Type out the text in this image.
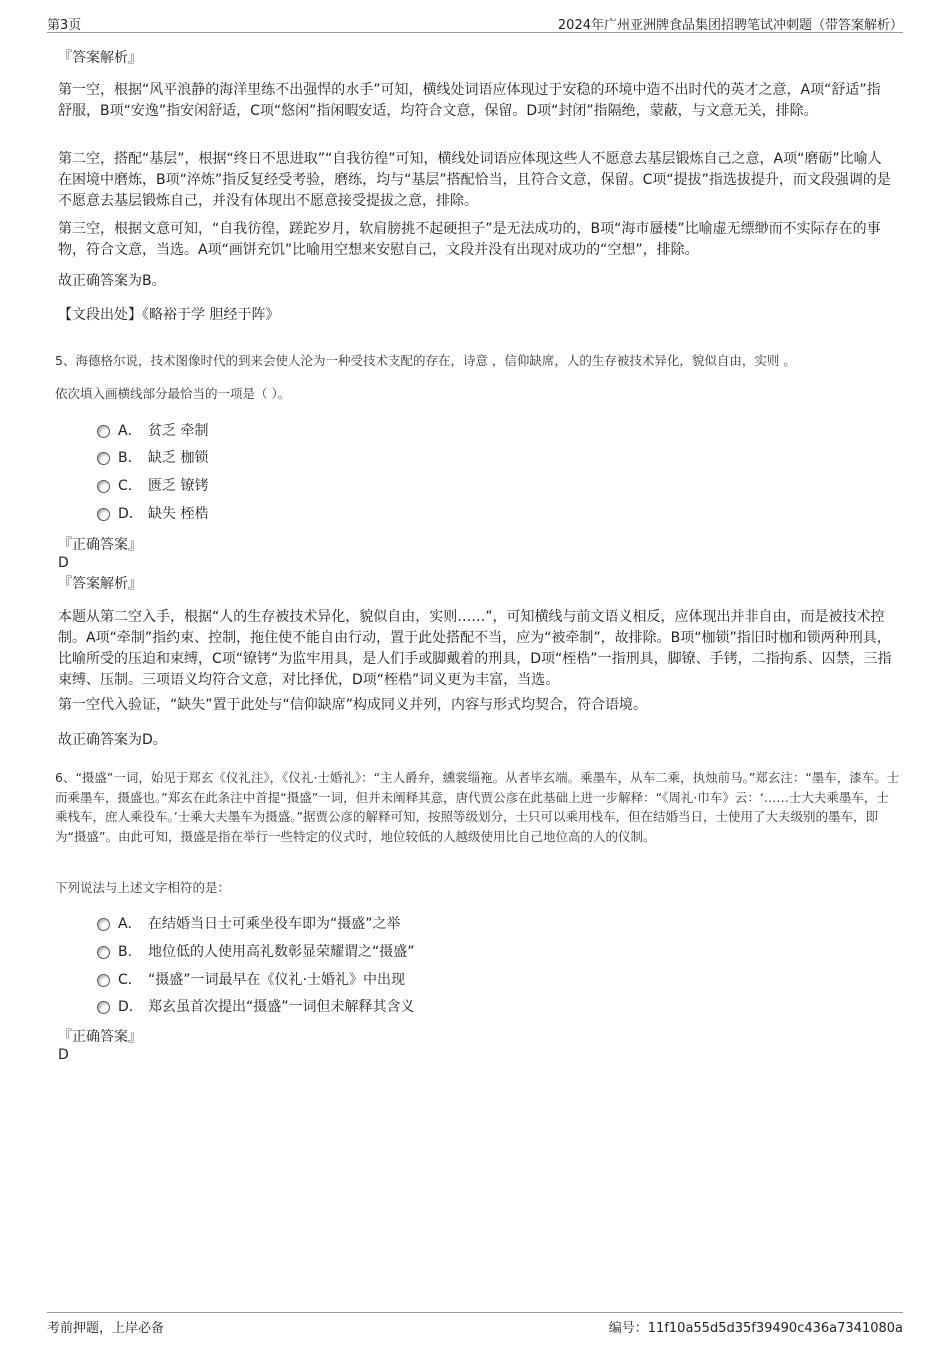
第3页	2024年广州亚洲牌食品集团招聘笔试冲刺题（带答案解析）
『答案解析』
第一空，根据“风平浪静的海洋里练不出强悍的水手”可知，横线处词语应体现过于安稳的环境中造不出时代的英才之意，A项“舒适”指舒服，B项“安逸”指安闲舒适，C项“悠闲”指闲暇安适，均符合文意，保留。D项“封闭”指隔绝，蒙蔽，与文意无关，排除。
第二空，搭配“基层”，根据“终日不思进取”“自我彷徨”可知，横线处词语应体现这些人不愿意去基层锻炼自己之意，A项“磨砺”比喻人在困境中磨炼，B项“淬炼”指反复经受考验，磨练，均与“基层”搭配恰当，且符合文意，保留。C项“提拔”指选拔提升，而文段强调的是不愿意去基层锻炼自己，并没有体现出不愿意接受提拔之意，排除。
第三空，根据文意可知，“自我彷徨，蹉跎岁月，软肩膀挑不起硬担子”是无法成功的，B项“海市蜃楼”比喻虚无缥缈而不实际存在的事物，符合文意，当选。A项“画饼充饥”比喻用空想来安慰自己，文段并没有出现对成功的“空想”，排除。
故正确答案为B。
【文段出处】《略裕于学 胆经于阵》
5、海德格尔说，技术图像时代的到来会使人沦为一种受技术支配的存在，诗意 ，信仰缺席，人的生存被技术异化，貌似自由，实则 。
依次填入画横线部分最恰当的一项是（ ）。
A． 贫乏 牵制
B． 缺乏 枷锁
C． 匮乏 镣铐
D． 缺失 桎梏
『正确答案』
D
『答案解析』
本题从第二空入手，根据“人的生存被技术异化，貌似自由，实则……”，可知横线与前文语义相反，应体现出并非自由，而是被技术控制。A项“牵制”指约束、控制，拖住使不能自由行动，置于此处搭配不当，应为“被牵制”，故排除。B项“枷锁”指旧时枷和锁两种刑具，比喻所受的压迫和束缚，C项“镣铐”为监牢用具，是人们手或脚戴着的刑具，D项“桎梏”一指刑具，脚镣、手铐，二指拘系、囚禁，三指束缚、压制。三项语义均符合文意，对比择优，D项“桎梏”词义更为丰富，当选。
第一空代入验证，“缺失”置于此处与“信仰缺席”构成同义并列，内容与形式均契合，符合语境。
故正确答案为D。
6、“摄盛”一词，始见于郑玄《仪礼注》，《仪礼·士婚礼》：“主人爵弁，纁裳缁袘。从者毕玄端。乘墨车，从车二乘，执烛前马。”郑玄注：“墨车，漆车。士而乘墨车，摄盛也。”郑玄在此条注中首提“摄盛”一词，但并未阐释其意，唐代贾公彦在此基础上进一步解释：“《周礼·巾车》云：‘……士大夫乘墨车，士乘栈车，庶人乘役车。’士乘大夫墨车为摄盛。”据贾公彦的解释可知，按照等级划分，士只可以乘用栈车，但在结婚当日，士使用了大夫级别的墨车，即为“摄盛”。由此可知，摄盛是指在举行一些特定的仪式时，地位较低的人越级使用比自己地位高的人的仪制。
下列说法与上述文字相符的是：
A． 在结婚当日士可乘坐役车即为“摄盛”之举
B． 地位低的人使用高礼数彰显荣耀谓之“摄盛”
C． “摄盛”一词最早在《仪礼·士婚礼》中出现
D． 郑玄虽首次提出“摄盛”一词但未解释其含义
『正确答案』
D
考前押题，上岸必备	编号：11f10a55d5d35f39490c436a7341080a
